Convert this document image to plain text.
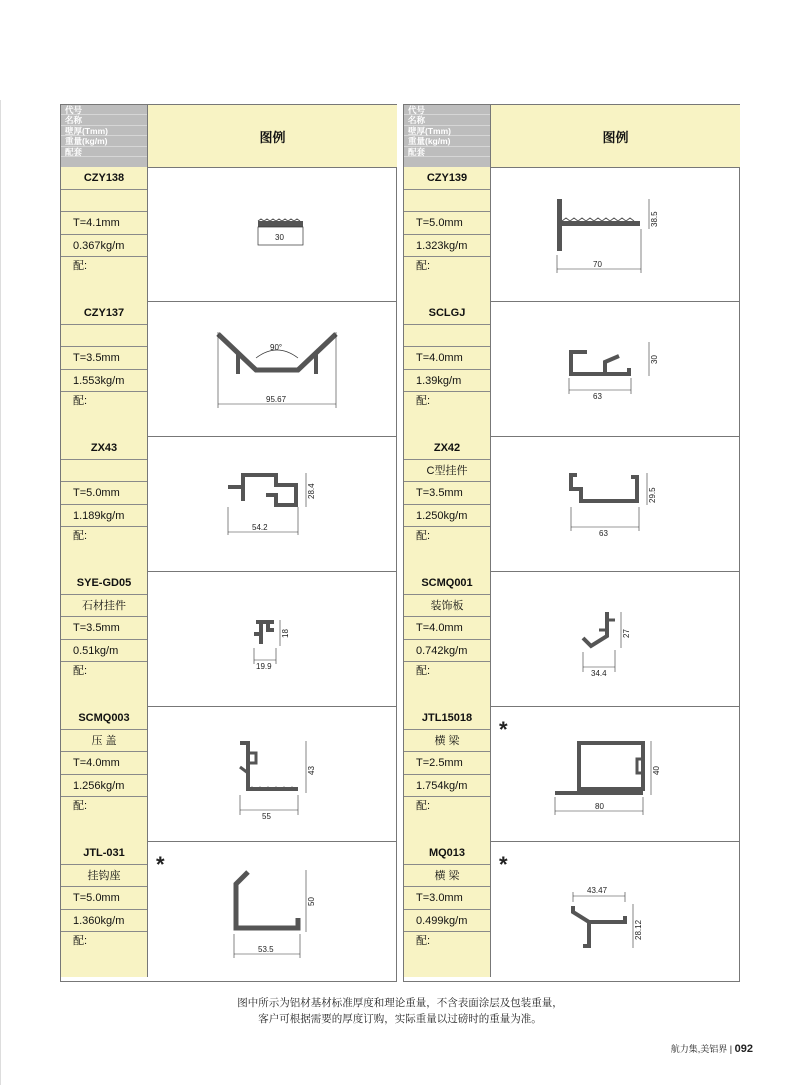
代号
名称
壁厚(Tmm)
重量(kg/m)
配套
图例
CZY138
T=4.1mm
0.367kg/m
配:
30
CZY137
T=3.5mm
1.553kg/m
配:
90°
95.67
ZX43
T=5.0mm
1.189kg/m
配:
54.2
28.4
SYE-GD05
石材挂件
T=3.5mm
0.51kg/m
配:
18
19.9
SCMQ003
压 盖
T=4.0mm
1.256kg/m
配:
43
55
JTL-031
挂钩座
T=5.0mm
1.360kg/m
配:
*
50
53.5
代号
名称
壁厚(Tmm)
重量(kg/m)
配套
图例
CZY139
T=5.0mm
1.323kg/m
配:
38.5
70
SCLGJ
T=4.0mm
1.39kg/m
配:
30
63
ZX42
C型挂件
T=3.5mm
1.250kg/m
配:
29.5
63
SCMQ001
装饰板
T=4.0mm
0.742kg/m
配:
27
34.4
JTL15018
横 梁
T=2.5mm
1.754kg/m
配:
*
40
80
MQ013
横 梁
T=3.0mm
0.499kg/m
配:
*
43.47
28.12
图中所示为铝材基材标准厚度和理论重量，不含表面涂层及包装重量，
客户可根据需要的厚度订购，实际重量以过磅时的重量为准。
航力集,美铝界 | 092
